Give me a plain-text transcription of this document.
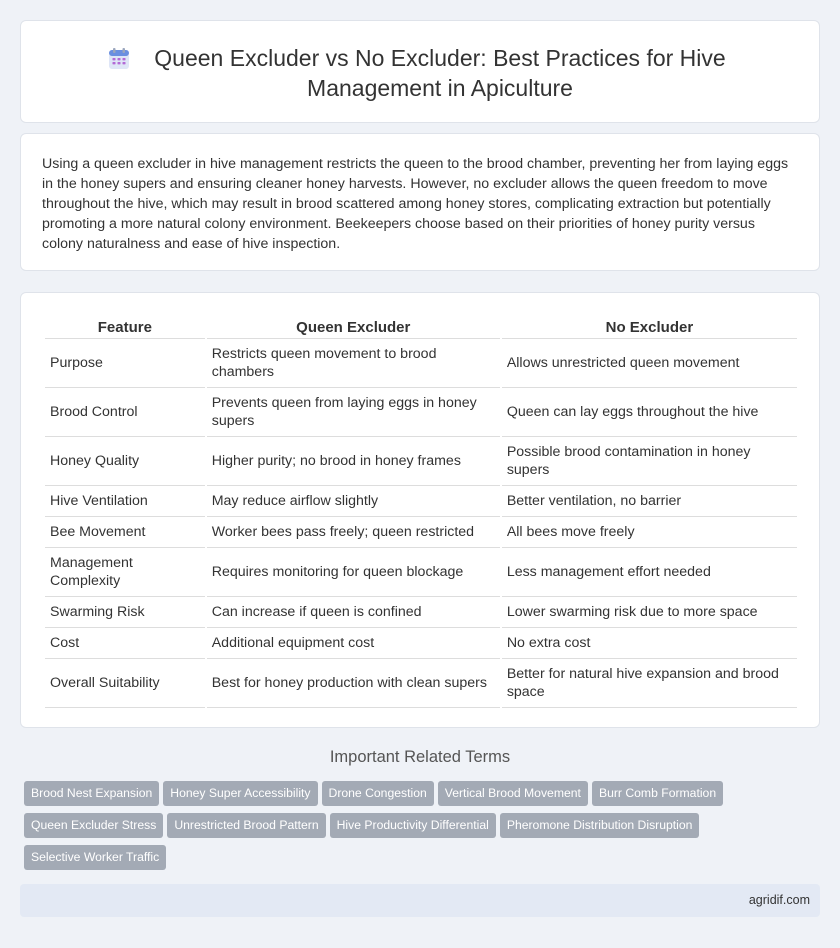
Queen Excluder vs No Excluder: Best Practices for Hive Management in Apiculture

Using a queen excluder in hive management restricts the queen to the brood chamber, preventing her from laying eggs in the honey supers and ensuring cleaner honey harvests. However, no excluder allows the queen freedom to move throughout the hive, which may result in brood scattered among honey stores, complicating extraction but potentially promoting a more natural colony environment. Beekeepers choose based on their priorities of honey purity versus colony naturalness and ease of hive inspection.

Feature	Queen Excluder	No Excluder
Purpose	Restricts queen movement to brood chambers	Allows unrestricted queen movement
Brood Control	Prevents queen from laying eggs in honey supers	Queen can lay eggs throughout the hive
Honey Quality	Higher purity; no brood in honey frames	Possible brood contamination in honey supers
Hive Ventilation	May reduce airflow slightly	Better ventilation, no barrier
Bee Movement	Worker bees pass freely; queen restricted	All bees move freely
Management Complexity	Requires monitoring for queen blockage	Less management effort needed
Swarming Risk	Can increase if queen is confined	Lower swarming risk due to more space
Cost	Additional equipment cost	No extra cost
Overall Suitability	Best for honey production with clean supers	Better for natural hive expansion and brood space
Important Related Terms
Brood Nest Expansion Honey Super Accessibility Drone Congestion Vertical Brood Movement Burr Comb Formation
Queen Excluder Stress Unrestricted Brood Pattern Hive Productivity Differential Pheromone Distribution Disruption
Selective Worker Traffic
agridif.com
